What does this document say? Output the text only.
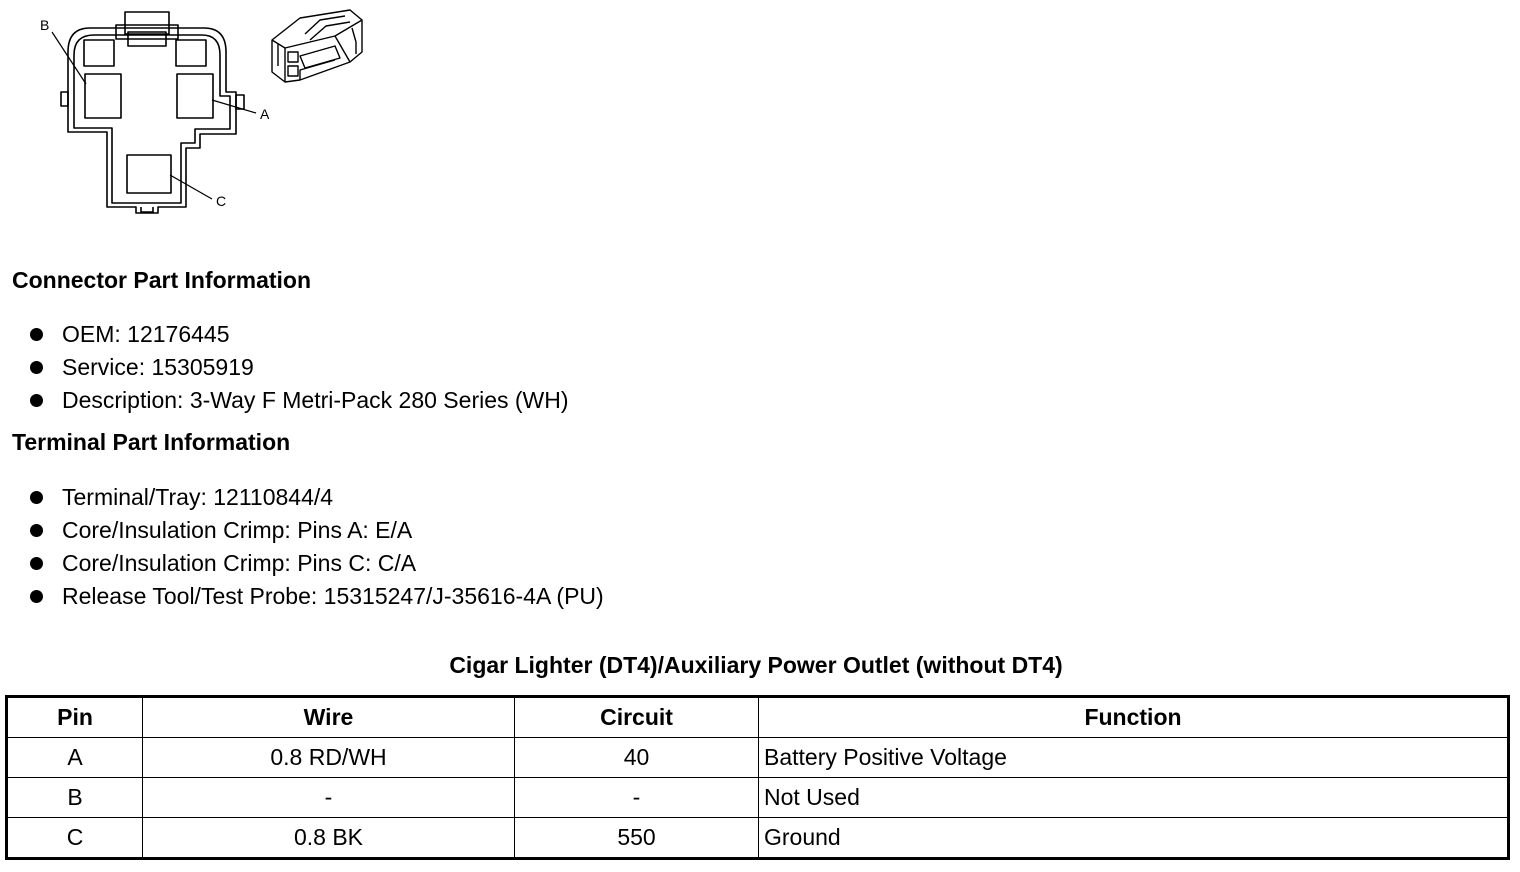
B
A
C
Connector Part Information
OEM: 12176445
Service: 15305919
Description: 3-Way F Metri-Pack 280 Series (WH)
Terminal Part Information
Terminal/Tray: 12110844/4
Core/Insulation Crimp: Pins A: E/A
Core/Insulation Crimp: Pins C: C/A
Release Tool/Test Probe: 15315247/J-35616-4A (PU)
Cigar Lighter (DT4)/Auxiliary Power Outlet (without DT4)
Pin	Wire	Circuit	Function
A	0.8 RD/WH	40	Battery Positive Voltage
B	-	-	Not Used
C	0.8 BK	550	Ground
